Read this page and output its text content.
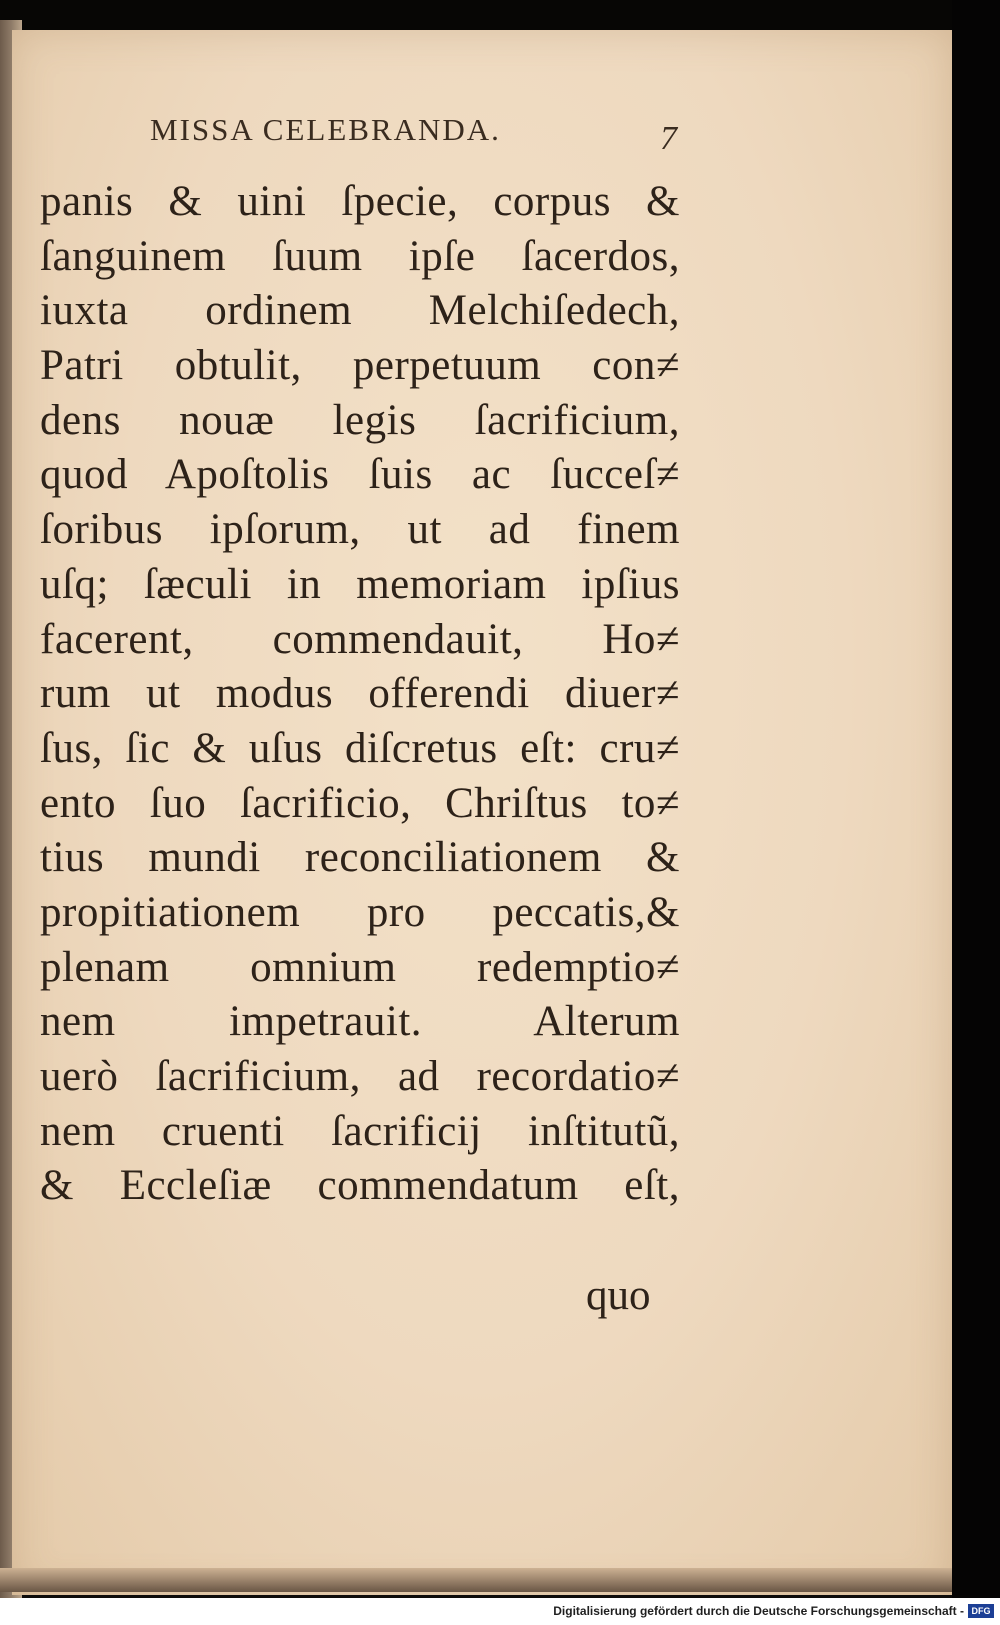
MISSA CELEBRANDA.	7
panis & uini ſpecie, corpus &
ſanguinem ſuum ipſe ſacerdos,
iuxta ordinem Melchiſedech,
Patri obtulit, perpetuum con≠
dens nouæ legis ſacrificium,
quod Apoſtolis ſuis ac ſucceſ≠
ſoribus ipſorum, ut ad finem
uſq; ſæculi in memoriam ipſius
facerent, commendauit, Ho≠
rum ut modus offerendi diuer≠
ſus, ſic & uſus diſcretus eſt: cru≠
ento ſuo ſacrificio, Chriſtus to≠
tius mundi reconciliationem &
propitiationem pro peccatis,&
plenam omnium redemptio≠
nem impetrauit. Alterum
uerò ſacrificium, ad recordatio≠
nem cruenti ſacrificij inſtitutũ,
& Eccleſiæ commendatum eſt,
quo
Digitalisierung gefördert durch die Deutsche Forschungsgemeinschaft - DFG
